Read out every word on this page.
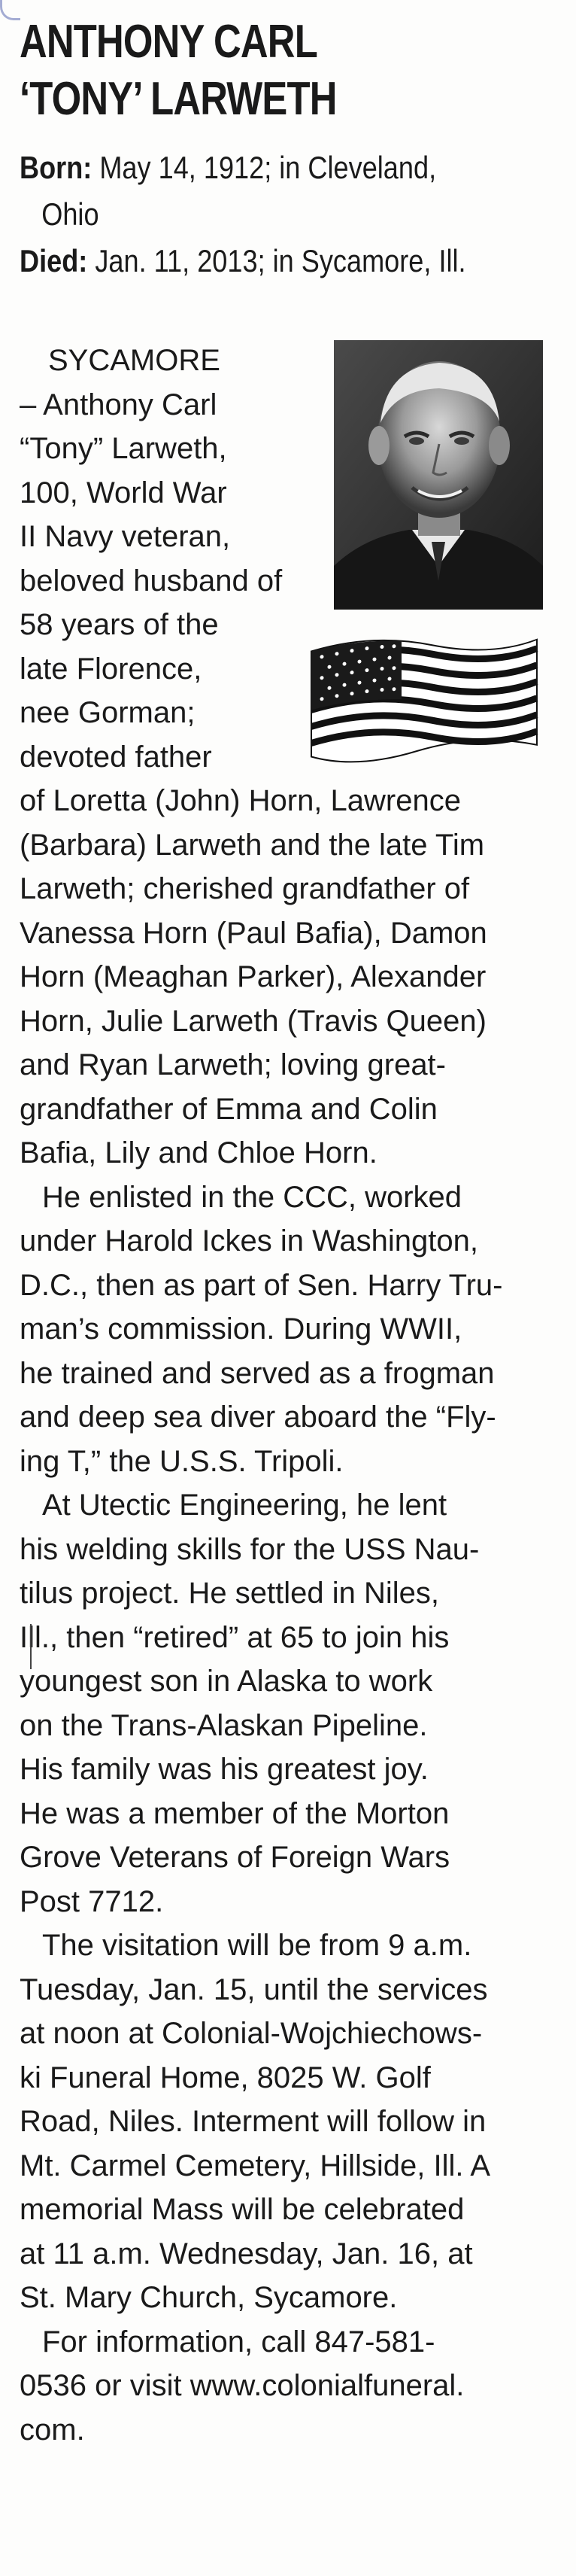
ANTHONY CARL
‘TONY’ LARWETH
Born: May 14, 1912; in Cleveland,
Ohio
Died: Jan. 11, 2013; in Sycamore, Ill.
SYCAMORE
– Anthony Carl
“Tony” Larweth,
100, World War
II Navy veteran,
beloved husband of
58 years of the
late Florence,
nee Gorman;
devoted father
of Loretta (John) Horn, Lawrence
(Barbara) Larweth and the late Tim
Larweth; cherished grandfather of
Vanessa Horn (Paul Bafia), Damon
Horn (Meaghan Parker), Alexander
Horn, Julie Larweth (Travis Queen)
and Ryan Larweth; loving great-
grandfather of Emma and Colin
Bafia, Lily and Chloe Horn.
He enlisted in the CCC, worked
under Harold Ickes in Washington,
D.C., then as part of Sen. Harry Tru-
man’s commission. During WWII,
he trained and served as a frogman
and deep sea diver aboard the “Fly-
ing T,” the U.S.S. Tripoli.
At Utectic Engineering, he lent
his welding skills for the USS Nau-
tilus project. He settled in Niles,
Ill., then “retired” at 65 to join his
youngest son in Alaska to work
on the Trans-Alaskan Pipeline.
His family was his greatest joy.
He was a member of the Morton
Grove Veterans of Foreign Wars
Post 7712.
The visitation will be from 9 a.m.
Tuesday, Jan. 15, until the services
at noon at Colonial-Wojchiechows-
ki Funeral Home, 8025 W. Golf
Road, Niles. Interment will follow in
Mt. Carmel Cemetery, Hillside, Ill. A
memorial Mass will be celebrated
at 11 a.m. Wednesday, Jan. 16, at
St. Mary Church, Sycamore.
For information, call 847-581-
0536 or visit www.colonialfuneral.
com.
